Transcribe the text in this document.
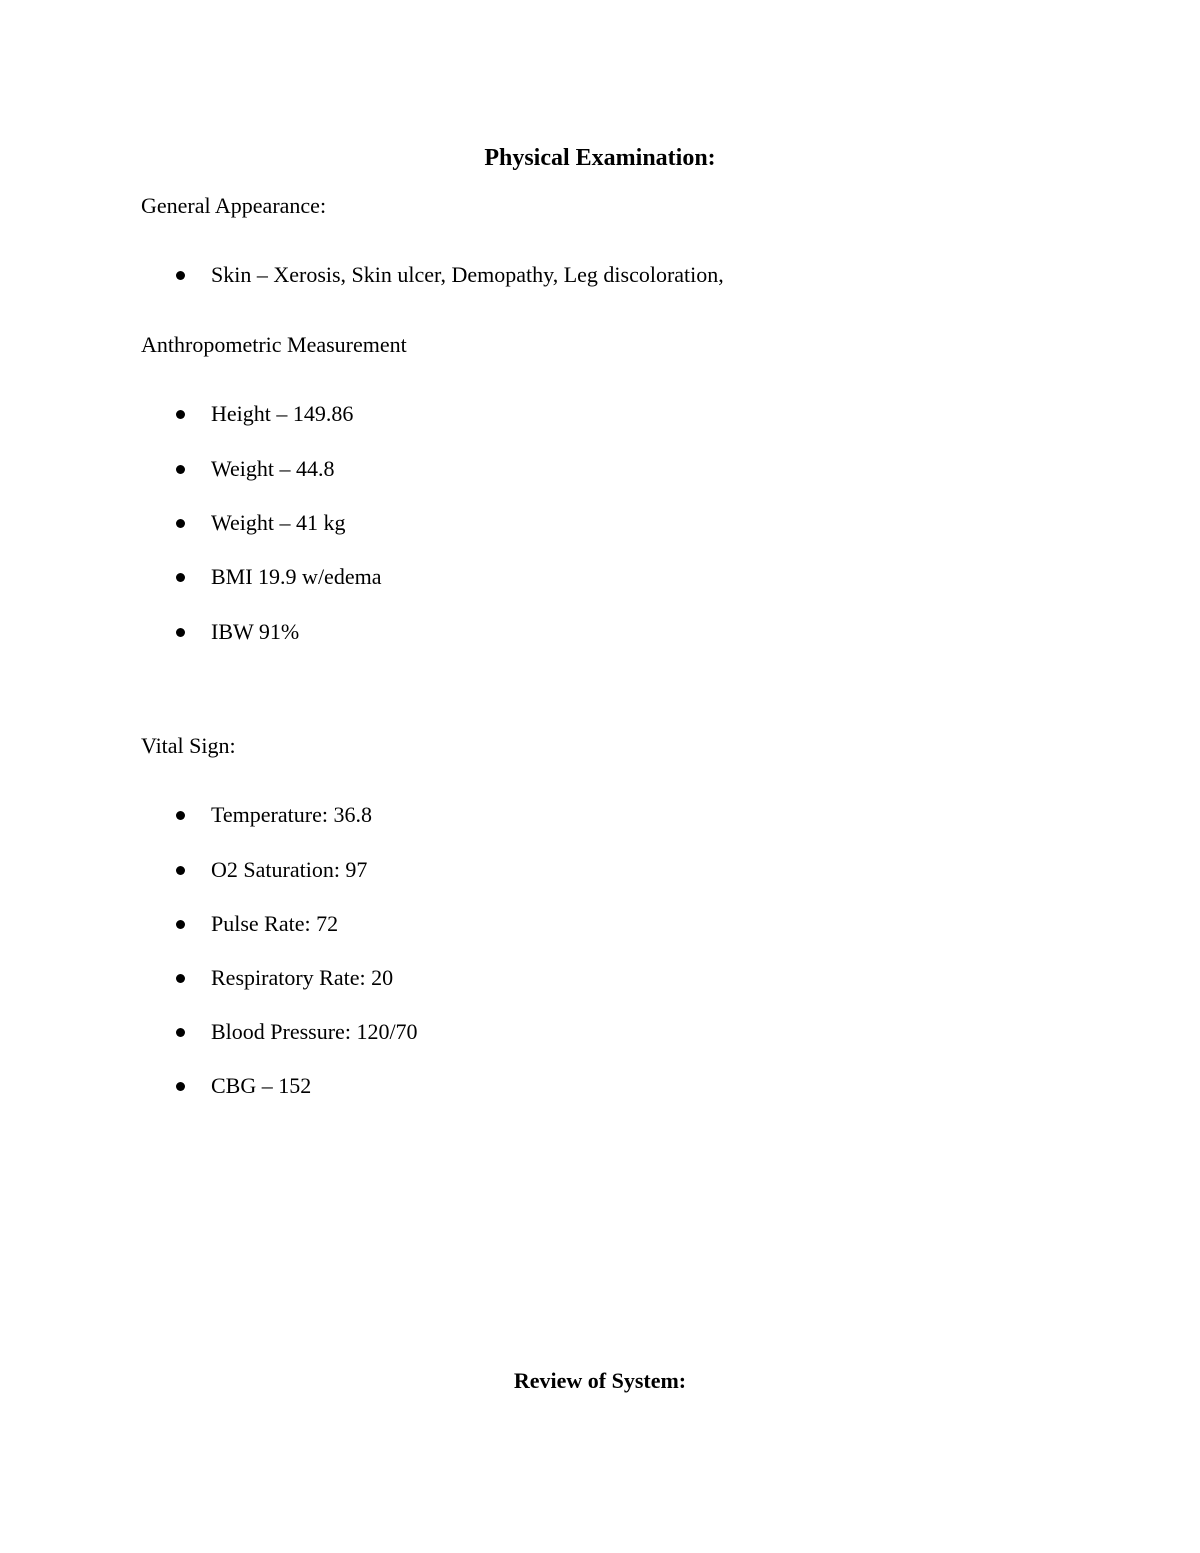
Physical Examination:
General Appearance:
Skin – Xerosis, Skin ulcer, Demopathy, Leg discoloration,
Anthropometric Measurement
Height – 149.86
Weight – 44.8
Weight – 41 kg
BMI 19.9 w/edema
IBW 91%
Vital Sign:
Temperature: 36.8
O2 Saturation: 97
Pulse Rate: 72
Respiratory Rate: 20
Blood Pressure: 120/70
CBG – 152
Review of System:
